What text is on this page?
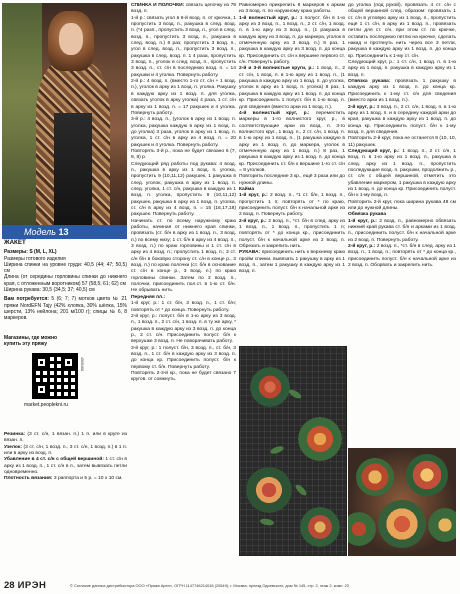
Модель 13

ЖАКЕТ

Размеры: S (M, L, XL)

Размеры готового изделия

Ширина спинки на уровне груди: 40,5 (44; 47; 50,5) см

Длина (от середины горловины спинки до нижнего края, с отложенным воротником) 57 (58,5; 61; 62) см

Ширина рукава: 30,5 (34,5; 37; 40,5) см

Вам потребуется: 5 (6; 7; 7) мотков цвета № 21 пряжи NordEFN Tajy (42% хлопка, 30% шёлка, 15% шерсти, 13% нейлона; 201 м/100 г); спицы № 6, 8 маркеров.

Магазины, где можно купить эту пряжу

4505468
market.peoplekni.ru

Резинка: (3 ст. с/н, 1 вязан. п.) 1 п. или в круге из вязан. п.

Узелок: (3 ст. с/н, 1 возд. п., 3 ст. с/н, 1 возд. п.) в 1 п. или в арку из возд. п.

Убавление в 4 ст. с/н с общей вершиной: 1 ст. с/н в арку из 1 возд. п., 1 ст. с/н в п., затем вывязать петли одновременно.

Плотность вязания: 3 раппорта и 5 р. = 10 х 10 см.

СПИНКА И ПОЛОЧКИ: связать цепочку из 79 возд. п.

1-й р.: связать угол в 6-й возд. п. от крючка, 1 пропустить 3 возд. п., ракушка в след. возд. п. (*4 разп., пропустить 3 возд. п., угол в след. возд. п., пропустить 3 возд. п., ракушка в след. возд. п.) 6 раз; пропустить 3 возд. п., угол в след. возд. п., пропустить 3 возд. п., ракушка в след. возд. п. 1 4 раза, пропустить 3 возд. п., уголок в след. возд. п., пропустить 3 возд. п., ст. с/н в последнюю возд. п. = 14 ракушки и 4 уголка. Повернуть работу.

2-й р.: 4 возд. п. (вместо 1-го ст. с/н + 1 возд. п.), уголок в арку из 1 возд. п. уголка. Ракушку в каждую арку из 1 возд. п. для уголка, связать уголок в арку уголка) 4 раза, 1 ст. с/н в арку из 1 возд. п. = 17 ракушек и 4 уголка. Повернуть работу.

3-й р.: 4 возд. п., (уголок в арку из 1 возд. п. уголка, ракушка каждую в арку из 1 возд. п. до уголка) 3 раза, уголок в арку из 1 возд. п. уголка, 1 ст. с/н в арку из 4 возд. п. = 20 ракушек и 4 уголка. Повернуть работу.

Повторять 3-й р., пока не будет связано 6 (7, 8, 8) р.

Следующий ряд работы под рукава: 4 возд. п., ракушка в арку из 1 возд. п. уголка, пропустить 9 (10,11,12) ракушек, 1 ракушка в след. уголок, ракушка в арку из 1 возд. п. след. уголка, 1 ст. с/н, ракушка в каждую из 1 возд. п. уголка, пропустить 9 (10,11,12) ракушек, ракушка в арку из 1 возд. п. уголка, ст. с/н в арку из 4 возд. п. = 15 (16,17,18) ракушек. Повернуть работу.

Начинать ст. по всему наружному краю работы, начиная от нижнего края спинки, провязать (ст. б/н в арку из 1 возд. п., 3 возд. п.) по всему низу; 1 ст. б/н в арку из 4 возд. п., 3 возд. п.) по краю горловины и 1 ст. с/н в арку из 4 возд. п.; пропустить 1 возд. п.; 3 ст. с/н б/н в боковую сторону ст. с/н в конце р., 3 возд. п.) по краю полочки (ст. б/н в основание ст. с/н в конце р., 3 возд. п.) по краю горловины спинки. Затем по 3 возд. п., полочки, присоединить пол.ст. в 1-ю ст. б/н. Не обрывать нить.

Передняя пл.:

1-й круг, р.: 1 ст. б/н, 3 возд. п., 1 ст. б/н; повторять от * до конца. Повернуть работу.

2-й круг, р.: полуст. б/н в 1-ю арку из 3 возд. п., 1 возд. п., 2 ст. с/н, 1 возд. п. в ту же арку, * ракушка в каждую арку из 3 возд. п. до конца р., 2 ст. с/н. Присоединить полуст. б/н к верхушке 3 возд. п. Не поворачивать работу.

3-й круг, р.: 1 полуст. б/н, 3 возд. п., ст. б/н, 3 возд. п., 1 ст. б/н в каждую арку из 3 возд. п. до конца кр. Присоединить полуст. б/н к первому ст. б/н. Повернуть работу.

Повторять 2-3-й кр., пока не будет связано 7 кругов. от сомкнуть.

Равномерно прикрепить 8 маркеров к аркам из 3 возд. п. по наружному краю работы.

1-й волнистый круг, р.: 1 полуст. б/н в 1-ю арку из 3 возд. п., 1 возд. п., 2 ст. с/н, 1 возд. п. в 1-ю арку из 3 возд. п., (1 ракушка в каждую арку из 3 возд. п. до маркера, уголок в отмеченную арку из 3 возд. п.) 8 раз, 1 ракушка в каждую арку из 3 возд. п. до конца кр. Присоединить ст. с/н к вершине первого ст. с/н. Повернуть работу.

2-й и 3-й волнистые круги, р.: 1 возд. п., 2 ст. с/н, 1 возд. п. в 1-ю арку из 1 возд. п., (1 ракушка в каждую арку из 1 возд. п. до уголка, уголок в арку из 1 возд. п. уголка) 8 раз, 1 ракушка в каждую арку из 1 возд. п. до конца кр. Присоединить 1 полуст. б/н в 1-ю возд. п. для сведения (вместо арки из 1 возд. п.).

4-й волнистый круг, р.: переместить маркеры в 1-го волнистого круг, р., в соответствующие арки из возд. п. 3-го волнистого круг., 1 возд. п., 2 ст. с/н, 1 возд. п. в 1-ю арку из 1 возд. п., (1 ракушка каждую в арку из 1 возд. п. до маркера, уголок в отмеченную арку из 1 возд. п.) 8 раз, 1 ракушка в каждую арку из 1 возд. п. до конца кр. Присоединить ст. б/н к вершине 1-го ст. с/н = 8 уголков.

Повторить последние 3 кр., ещё 3 раза или до нужной длины.

Кайма

1-й круг, р.: 2 возд. п., *1 ст. б/н, 1 возд. п., пропустить 1 п; повторять от * по краю, присоединить полуст. б/н к начальной арке из 2 возд. п. Повернуть работу.

2-й круг, р.: 2 возд. п., *ст. б/н в след. арку из 1 возд. п., 1 возд. п., пропустить 1 п; повторять от * до конца кр., присоединить полуст. б/н к начальной арке из 2 возд. п. Обрезать и закрепить нить.

РУКАВА: присоединить нить к верхнему краю пройм спинки, вывязать 1 ракушку в арку из 1 возд. п., затем 1 ракушку в каждую арку из 1 возд. п.

до уголка (под рукой), провязать 4 ст. с/н с общей вершиной след. образом: провязать 1 ст. с/н в угловую арку из 1 возд. п., пропустить ещё 1 ст. с/н, в арку из 1 возд. п., провязать петли для ст. с/н, при этом ст. по крючке, оставить последнюю петлю на крючке, сделать накид и протянуть нить через все 3 петли, ракушка в каждую арку из 1 возд. п. до конца кр. Присоединить к 1-му ст. с/н.

Следующий круг, р.: 1 ст. с/н, 1 возд. п. в 1-ю арку из 1 возд. п. ракушка в каждую арку из 1 возд. п.

Отвязка рукава: провязать 1 ракушку в каждую арку из 1 возд. п. до конца кр. Присоединить к 1-му ст. с/н для сведения (вместо арки из 1 возд. п.).

2-й круг, р.: 3 возд. п., 2 ст. с/н, 1 возд. п. в 1-ю арку из 1 возд. п. и в середину каждой арки до края, ракушка в каждую арку из 1 возд. п. до конца кр. Присоединить полуст. б/н к 1-му возд. п. для сведения.

Повторить 2-й круг, пока не останется 8 (10, 10, 11) ракушек.

Следующий круг, р.: 1 возд. п., 2 ст. с/н, 1 возд. п. в 1-ю арку из 1 возд. п., ракушка в след. арку из 1 возд. п., пропустить последующие возд. п. ракушки, продолжить р., ст. с/н с общей вершиной, отметить это убавление маркером, 1 ракушка в каждую арку из 1 возд. п. до конца кр. Присоединить полуст. б/н к 1-му возд. п.

Повторить 2-й круг, пока ширина рукава 48 см или до нужной длины.

Обвязка рукава

1-й круг, р.: 2 возд. п., равномерно обвязать нижний край рукава ст. б/н и арками из 1 возд. п., присоединить полуст. б/н к начальной арке из 2 возд. п. Повернуть работу.

2-й круг, р.: 2 возд. п., *ст. б/н в след. арку из 1 возд. п., 1 возд. п.; повторять от * до конца кр., присоединить полуст. б/н к начальной арке из 2 возд. п. Оборвать и закрепить нить.

28 ИРЭН	© Согласие данных дистрибьютора ООО «Пряжа Арен», ОГРН 1147746214018 (20549); г. Москва, проезд Одоевского, дом № 145, стр. 2, этаж 2, комн. 23
